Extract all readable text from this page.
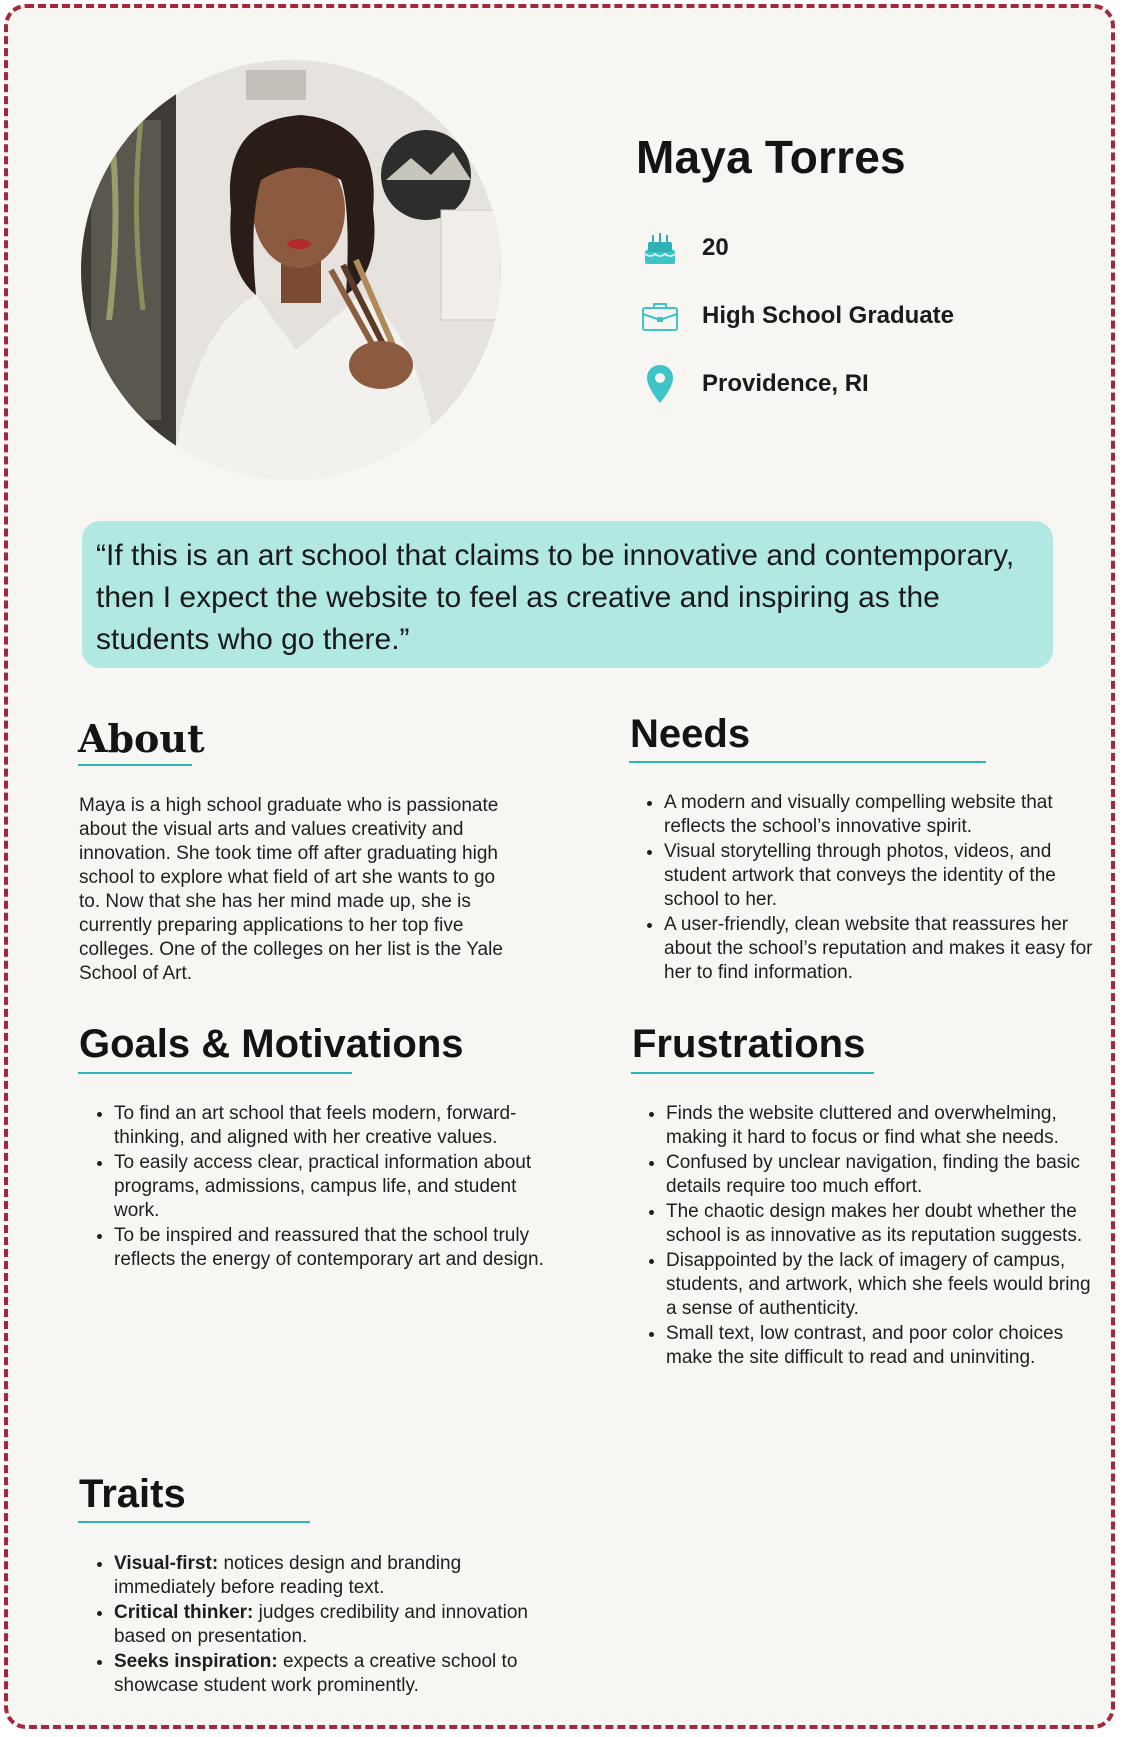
Maya Torres
20
High School Graduate
Providence, RI
“If this is an art school that claims to be innovative and contemporary, then I expect the website to feel as creative and inspiring as the students who go there.”
About
Maya is a high school graduate who is passionate about the visual arts and values creativity and innovation. She took time off after graduating high school to explore what field of art she wants to go to. Now that she has her mind made up, she is currently preparing applications to her top five colleges. One of the colleges on her list is the Yale School of Art.
Needs
• A modern and visually compelling website that reflects the school’s innovative spirit.
• Visual storytelling through photos, videos, and student artwork that conveys the identity of the school to her.
• A user-friendly, clean website that reassures her about the school’s reputation and makes it easy for her to find information.
Goals & Motivations
• To find an art school that feels modern, forward-thinking, and aligned with her creative values.
• To easily access clear, practical information about programs, admissions, campus life, and student work.
• To be inspired and reassured that the school truly reflects the energy of contemporary art and design.
Frustrations
• Finds the website cluttered and overwhelming, making it hard to focus or find what she needs.
• Confused by unclear navigation, finding the basic details require too much effort.
• The chaotic design makes her doubt whether the school is as innovative as its reputation suggests.
• Disappointed by the lack of imagery of campus, students, and artwork, which she feels would bring a sense of authenticity.
• Small text, low contrast, and poor color choices make the site difficult to read and uninviting.
Traits
• Visual-first: notices design and branding immediately before reading text.
• Critical thinker: judges credibility and innovation based on presentation.
• Seeks inspiration: expects a creative school to showcase student work prominently.
